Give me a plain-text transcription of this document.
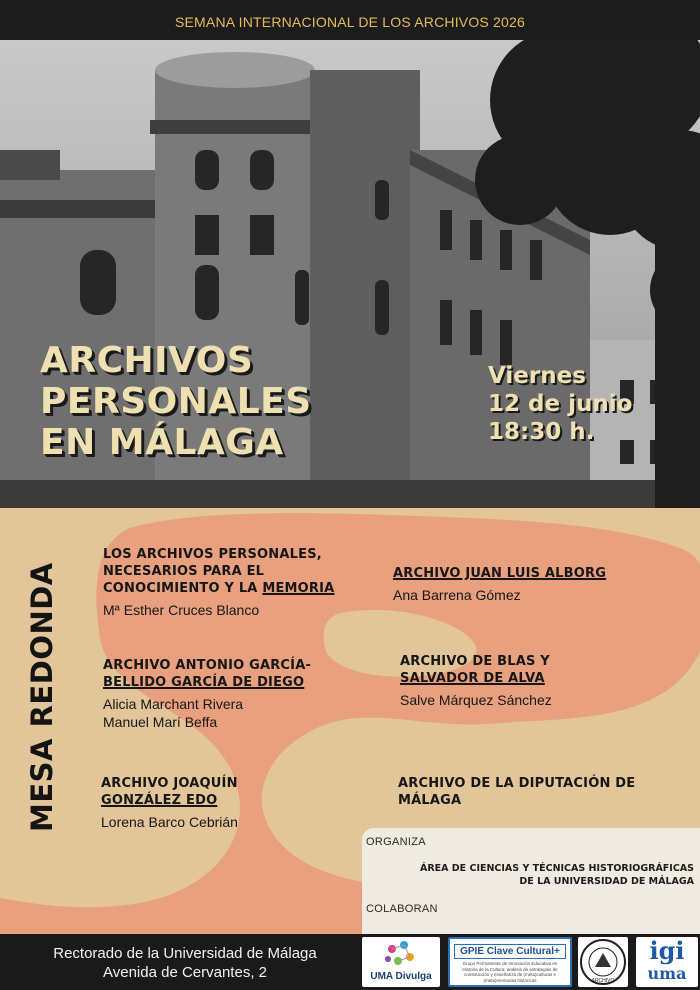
SEMANA INTERNACIONAL DE LOS ARCHIVOS 2026
ARCHIVOS
PERSONALES
EN MÁLAGA
Viernes
12 de junio
18:30 h.
MESA REDONDA
LOS ARCHIVOS PERSONALES, NECESARIOS PARA EL CONOCIMIENTO Y LA MEMORIA
Mª Esther Cruces Blanco
ARCHIVO JUAN LUIS ALBORG
Ana Barrena Gómez
ARCHIVO ANTONIO GARCÍA-
BELLIDO GARCÍA DE DIEGO
Alicia Marchant Rivera
Manuel Marí Beffa
ARCHIVO DE BLAS Y
SALVADOR DE ALVA
Salve Márquez Sánchez
ARCHIVO JOAQUÍN
GONZÁLEZ EDO
Lorena Barco Cebrián
ARCHIVO DE LA DIPUTACIÓN DE MÁLAGA
ORGANIZA
ÁREA DE CIENCIAS Y TÉCNICAS HISTORIOGRÁFICAS
DE LA UNIVERSIDAD DE MÁLAGA
COLABORAN
Rectorado de la Universidad de Málaga
Avenida de Cervantes, 2	UMA Divulga
GPIE Clave Cultural+
Grupo Permanente de Innovación Educativa en Historia de la Cultura: análisis de estrategias de construcción y enseñanza de (meta)culturas e (meta)memorias históricas	ARCHIVO
igi
uma
